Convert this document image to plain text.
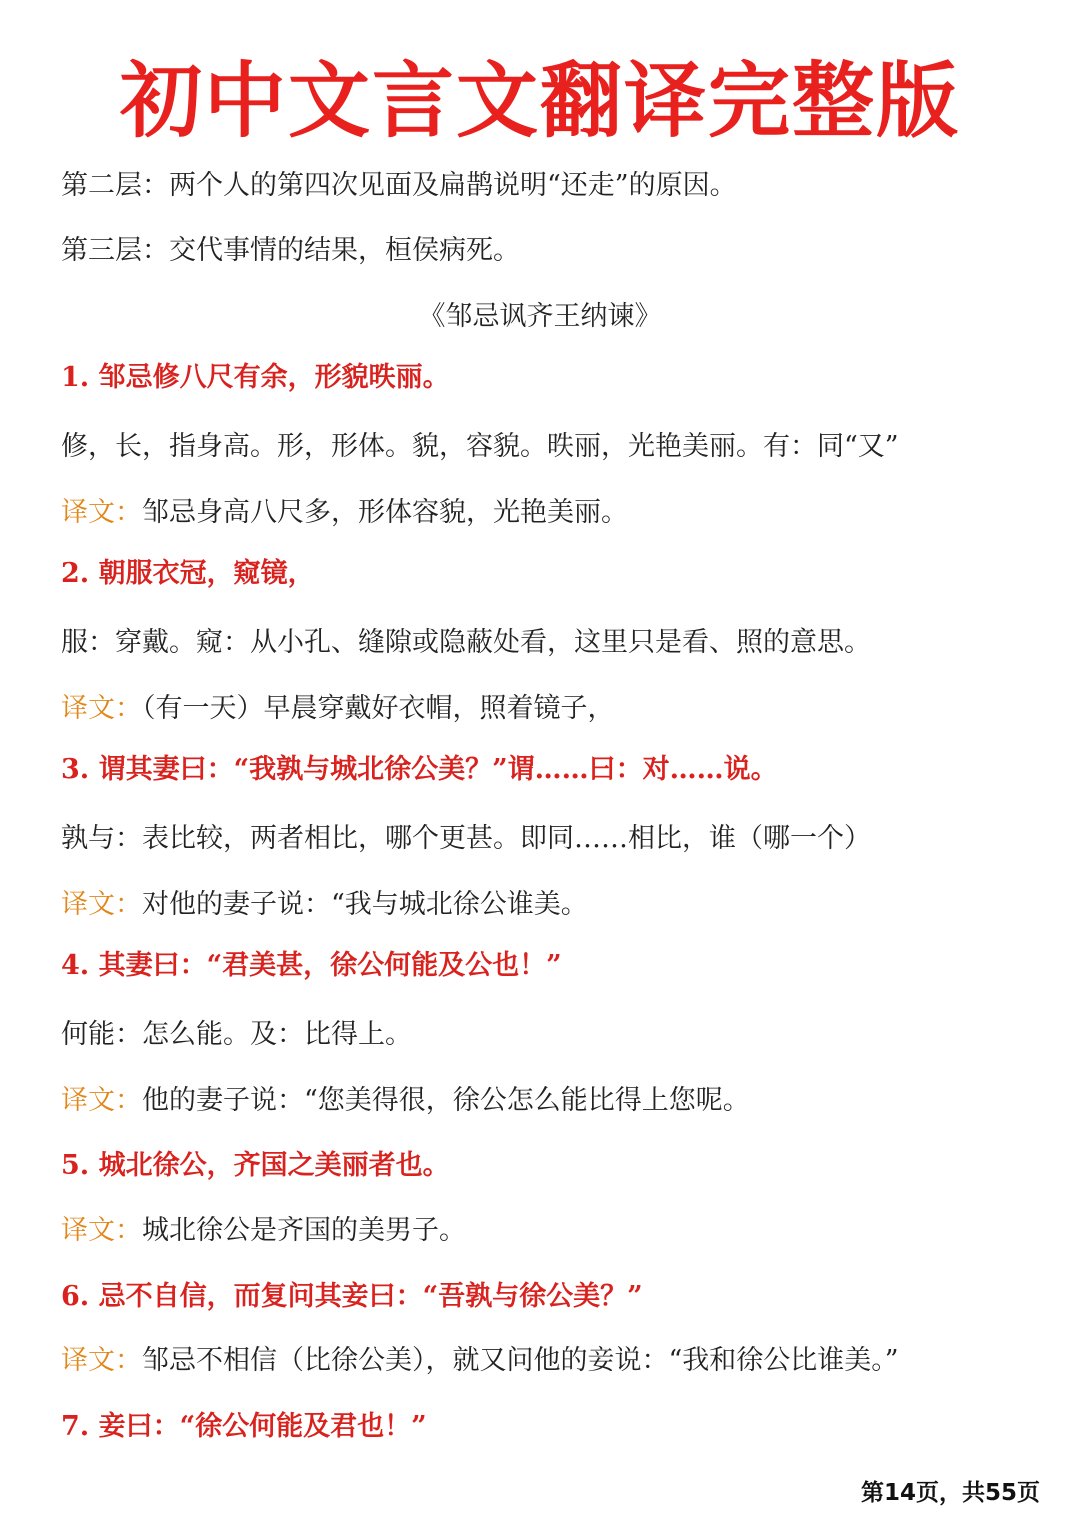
初中文言文翻译完整版
第二层：两个人的第四次见面及扁鹊说明“还走”的原因。
第三层：交代事情的结果，桓侯病死。
《邹忌讽齐王纳谏》
1. 邹忌修八尺有余，形貌昳丽。
修，长，指身高。形，形体。貌，容貌。昳丽，光艳美丽。有：同“又”
译文：邹忌身高八尺多，形体容貌，光艳美丽。
2. 朝服衣冠，窥镜，
服：穿戴。窥：从小孔、缝隙或隐蔽处看，这里只是看、照的意思。
译文：（有一天）早晨穿戴好衣帽，照着镜子，
3. 谓其妻曰：“我孰与城北徐公美？”谓……曰：对……说。
孰与：表比较，两者相比，哪个更甚。即同……相比，谁（哪一个）
译文：对他的妻子说：“我与城北徐公谁美。
4. 其妻曰：“君美甚，徐公何能及公也！”
何能：怎么能。及：比得上。
译文：他的妻子说：“您美得很，徐公怎么能比得上您呢。
5. 城北徐公，齐国之美丽者也。
译文：城北徐公是齐国的美男子。
6. 忌不自信，而复问其妾曰：“吾孰与徐公美？”
译文：邹忌不相信（比徐公美），就又问他的妾说：“我和徐公比谁美。”
7. 妾曰：“徐公何能及君也！”
第14页，共55页
